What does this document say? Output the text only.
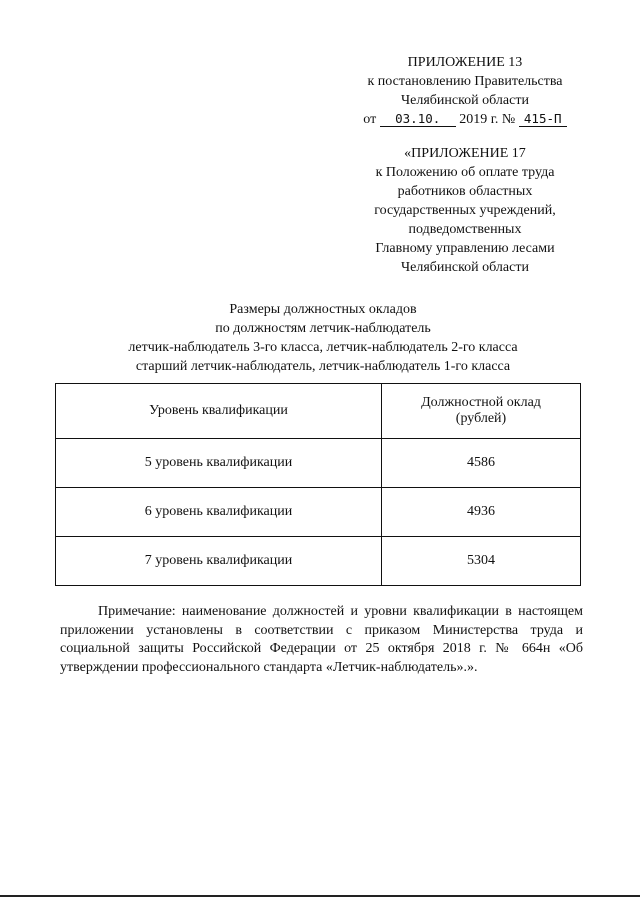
ПРИЛОЖЕНИЕ 13
к постановлению Правительства
Челябинской области
от 03.10. 2019 г. № 415-П
«ПРИЛОЖЕНИЕ 17
к Положению об оплате труда
работников областных
государственных учреждений,
подведомственных
Главному управлению лесами
Челябинской области
Размеры должностных окладов
по должностям летчик-наблюдатель
летчик-наблюдатель 3-го класса, летчик-наблюдатель 2-го класса
старший летчик-наблюдатель, летчик-наблюдатель 1-го класса
Уровень квалификации	Должностной оклад
(рублей)

5 уровень квалификации	4586
6 уровень квалификации	4936
7 уровень квалификации	5304
Примечание: наименование должностей и уровни квалификации в настоящем приложении установлены в соответствии с приказом Министерства труда и социальной защиты Российской Федерации от 25 октября 2018 г. № 664н «Об утверждении профессионального стандарта «Летчик-наблюдатель».».
